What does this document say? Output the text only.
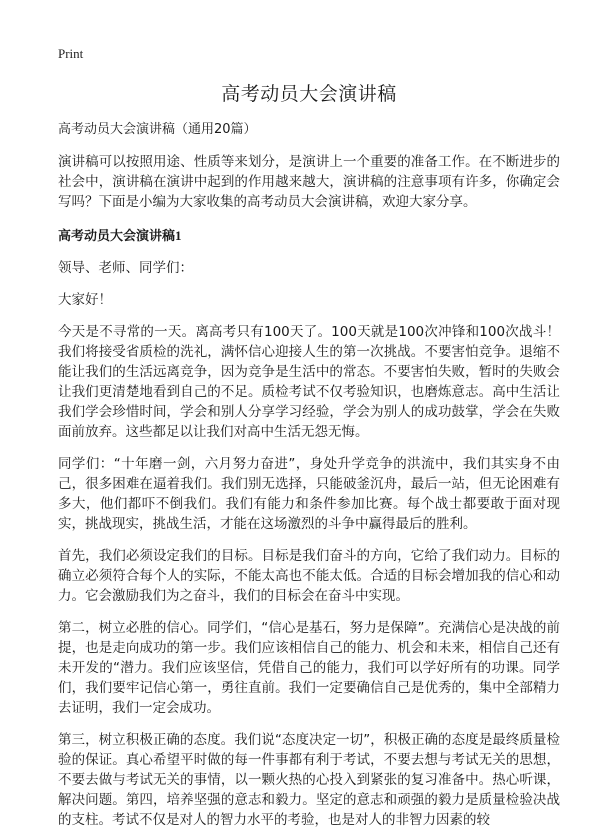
Print
高考动员大会演讲稿

高考动员大会演讲稿（通用20篇）

演讲稿可以按照用途、性质等来划分，是演讲上一个重要的准备工作。在不断进步的社会中，演讲稿在演讲中起到的作用越来越大，演讲稿的注意事项有许多，你确定会写吗？下面是小编为大家收集的高考动员大会演讲稿，欢迎大家分享。

高考动员大会演讲稿1

领导、老师、同学们：

大家好！

今天是不寻常的一天。离高考只有100天了。100天就是100次冲锋和100次战斗！我们将接受省质检的洗礼，满怀信心迎接人生的第一次挑战。不要害怕竞争。退缩不能让我们的生活远离竞争，因为竞争是生活中的常态。不要害怕失败，暂时的失败会让我们更清楚地看到自己的不足。质检考试不仅考验知识，也磨炼意志。高中生活让我们学会珍惜时间，学会和别人分享学习经验，学会为别人的成功鼓掌，学会在失败面前放弃。这些都足以让我们对高中生活无怨无悔。

同学们：“十年磨一剑，六月努力奋进”，身处升学竞争的洪流中，我们其实身不由己，很多困难在逼着我们。我们别无选择，只能破釜沉舟，最后一站，但无论困难有多大，他们都吓不倒我们。我们有能力和条件参加比赛。每个战士都要敢于面对现实，挑战现实，挑战生活，才能在这场激烈的斗争中赢得最后的胜利。

首先，我们必须设定我们的目标。目标是我们奋斗的方向，它给了我们动力。目标的确立必须符合每个人的实际，不能太高也不能太低。合适的目标会增加我的信心和动力。它会激励我们为之奋斗，我们的目标会在奋斗中实现。

第二，树立必胜的信心。同学们，“信心是基石，努力是保障”。充满信心是决战的前提，也是走向成功的第一步。我们应该相信自己的能力、机会和未来，相信自己还有未开发的“潜力。我们应该坚信，凭借自己的能力，我们可以学好所有的功课。同学们，我们要牢记信心第一，勇往直前。我们一定要确信自己是优秀的，集中全部精力去证明，我们一定会成功。

第三，树立积极正确的态度。我们说“态度决定一切”，积极正确的态度是最终质量检验的保证。真心希望平时做的每一件事都有利于考试，不要去想与考试无关的思想，不要去做与考试无关的事情，以一颗火热的心投入到紧张的复习准备中。热心听课，解决问题。第四，培养坚强的意志和毅力。坚定的意志和顽强的毅力是质量检验决战的支柱。考试不仅是对人的智力水平的考验，也是对人的非智力因素的较
